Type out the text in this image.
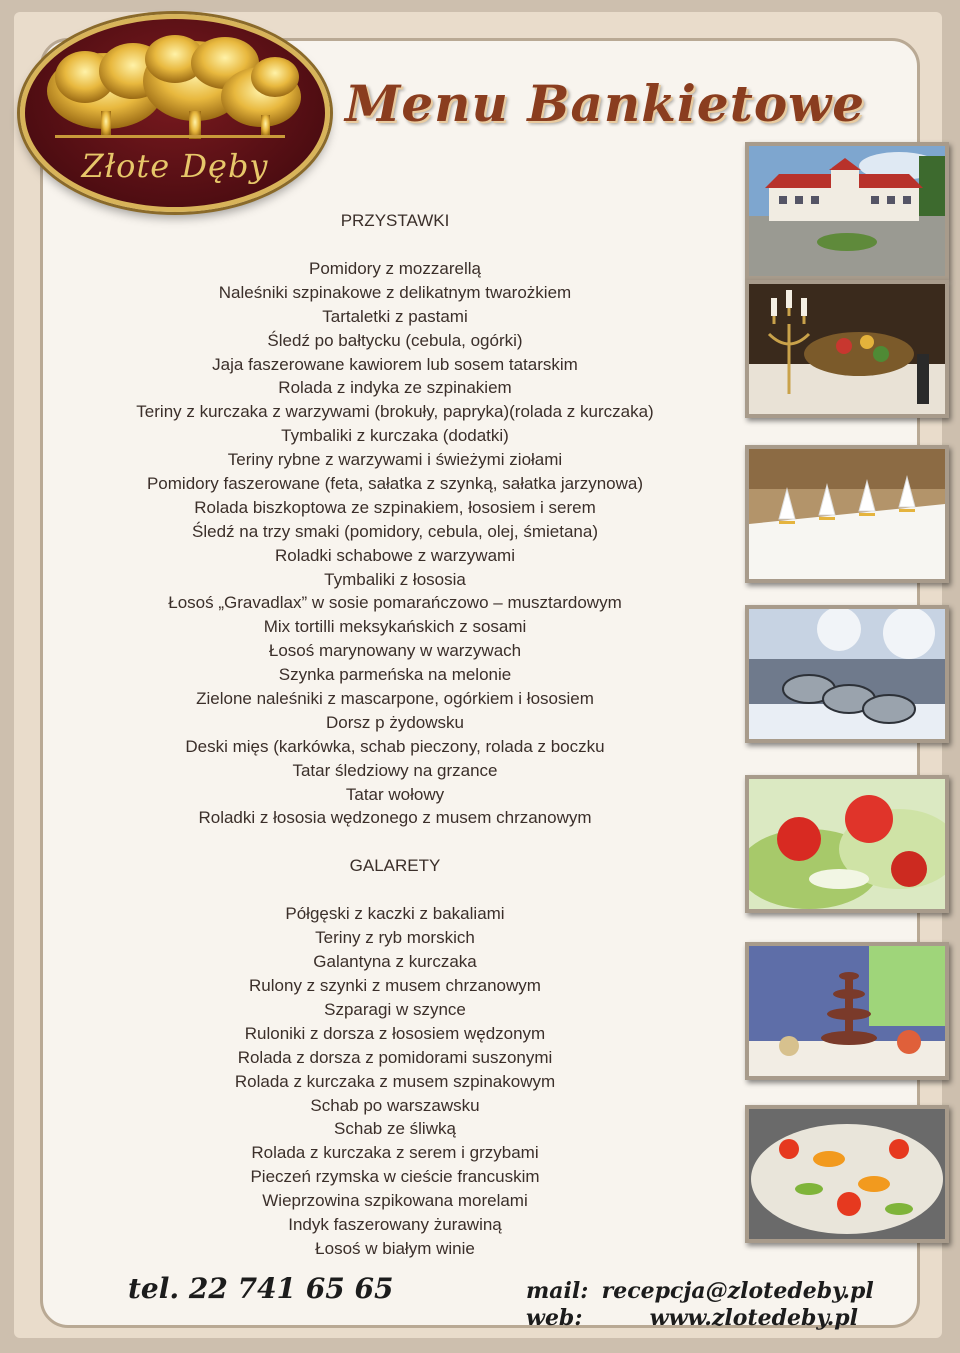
Złote Dęby
Menu Bankietowe
PRZYSTAWKI
Pomidory z mozzarellą
Naleśniki szpinakowe z delikatnym twarożkiem
Tartaletki z pastami
Śledź po bałtycku (cebula, ogórki)
Jaja faszerowane kawiorem lub sosem tatarskim
Rolada z indyka ze szpinakiem
Teriny z kurczaka z warzywami (brokuły, papryka)(rolada z kurczaka)
Tymbaliki z kurczaka (dodatki)
Teriny rybne z warzywami i świeżymi ziołami
Pomidory faszerowane (feta, sałatka z szynką, sałatka jarzynowa)
Rolada biszkoptowa ze szpinakiem, łososiem i serem
Śledź na trzy smaki (pomidory, cebula, olej, śmietana)
Roladki schabowe z warzywami
Tymbaliki z łososia
Łosoś „Gravadlax” w sosie pomarańczowo – musztardowym
Mix tortilli meksykańskich z sosami
Łosoś marynowany w warzywach
Szynka parmeńska na melonie
Zielone naleśniki z mascarpone, ogórkiem i łososiem
Dorsz p żydowsku
Deski mięs (karkówka, schab pieczony, rolada z boczku
Tatar śledziowy na grzance
Tatar wołowy
Roladki z łososia wędzonego z musem chrzanowym
GALARETY
Półgęski z kaczki z bakaliami
Teriny z ryb morskich
Galantyna z kurczaka
Rulony z szynki z musem chrzanowym
Szparagi w szynce
Ruloniki z dorsza z łososiem wędzonym
Rolada z dorsza z pomidorami suszonymi
Rolada z kurczaka z musem szpinakowym
Schab po warszawsku
Schab ze śliwką
Rolada z kurczaka z serem i grzybami
Pieczeń rzymska w cieście francuskim
Wieprzowina szpikowana morelami
Indyk faszerowany żurawiną
Łosoś w białym winie
tel. 22 741 65 65	mail: recepcja@zlotedeby.pl
web:	www.zlotedeby.pl
